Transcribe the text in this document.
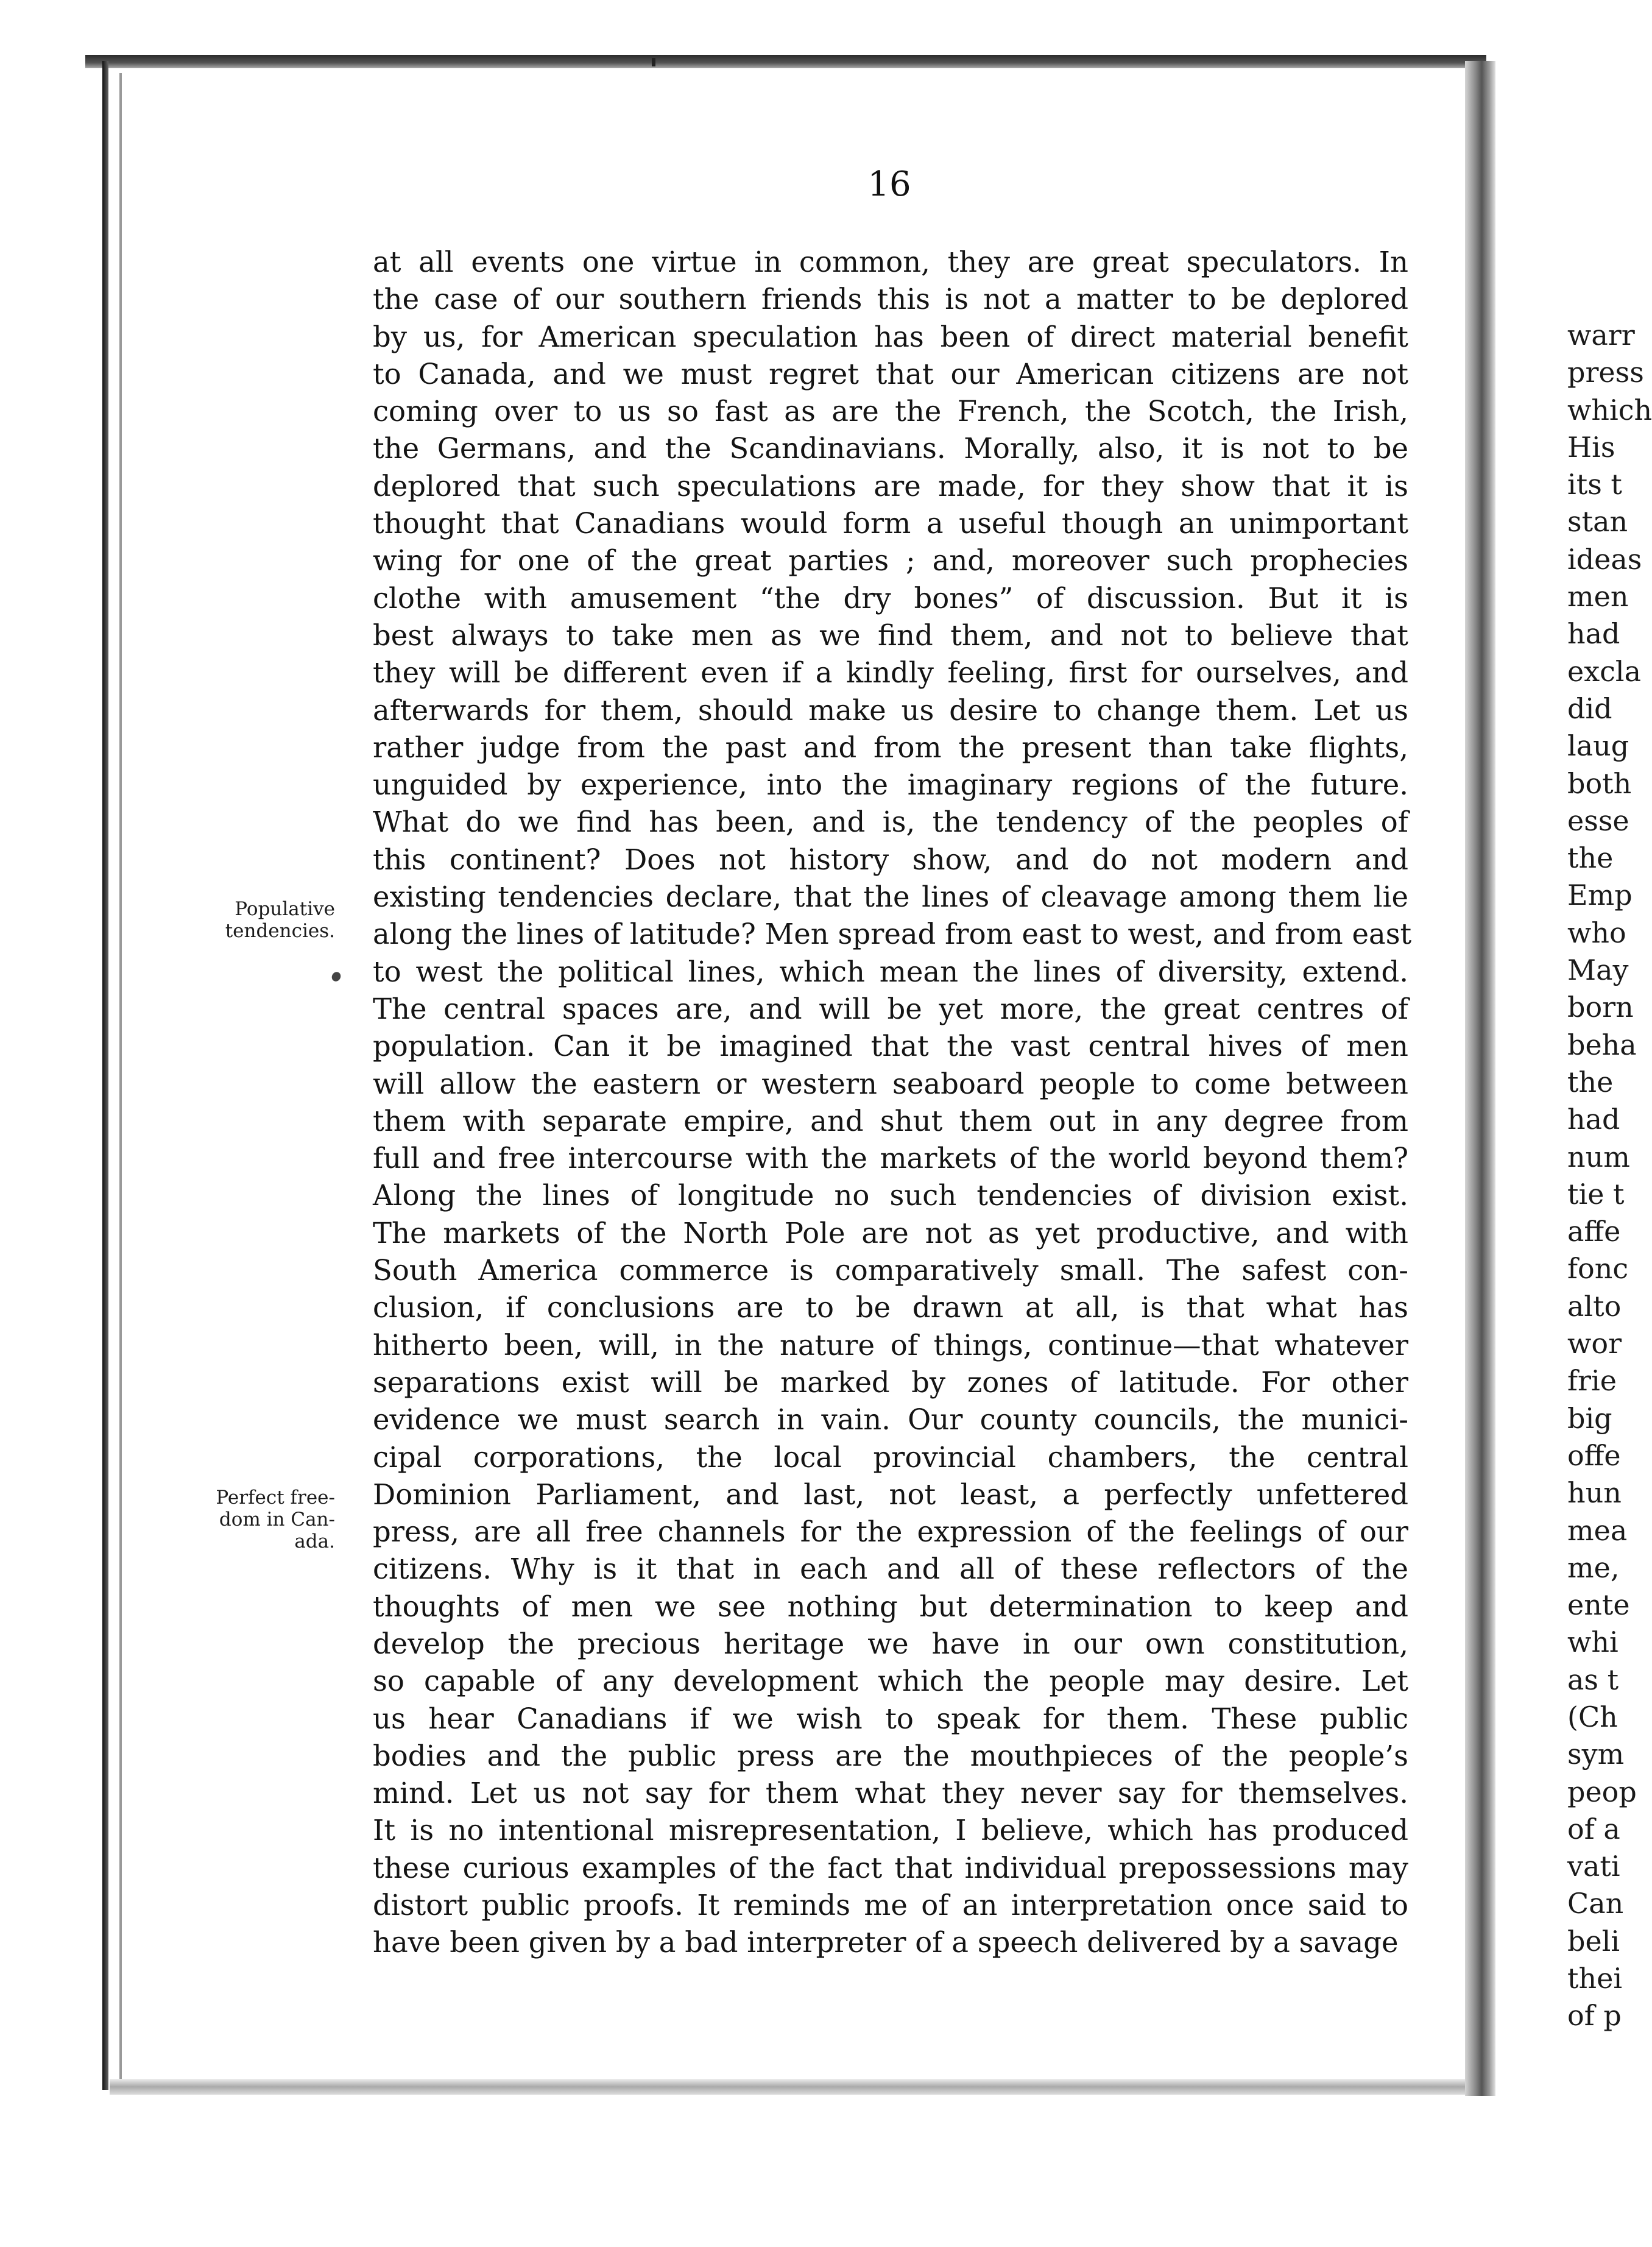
16
Populative
tendencies.
Perfect free-
dom in Can-
ada.
at all events one virtue in common, they are great speculators. In
the case of our southern friends this is not a matter to be deplored
by us, for American speculation has been of direct material benefit
to Canada, and we must regret that our American citizens are not
coming over to us so fast as are the French, the Scotch, the Irish,
the Germans, and the Scandinavians. Morally, also, it is not to be
deplored that such speculations are made, for they show that it is
thought that Canadians would form a useful though an unimportant
wing for one of the great parties ; and, moreover such prophecies
clothe with amusement “the dry bones” of discussion. But it is
best always to take men as we find them, and not to believe that
they will be different even if a kindly feeling, first for ourselves, and
afterwards for them, should make us desire to change them. Let us
rather judge from the past and from the present than take flights,
unguided by experience, into the imaginary regions of the future.
What do we find has been, and is, the tendency of the peoples of
this continent? Does not history show, and do not modern and
existing tendencies declare, that the lines of cleavage among them lie
along the lines of latitude? Men spread from east to west, and from east
to west the political lines, which mean the lines of diversity, extend.
The central spaces are, and will be yet more, the great centres of
population. Can it be imagined that the vast central hives of men
will allow the eastern or western seaboard people to come between
them with separate empire, and shut them out in any degree from
full and free intercourse with the markets of the world beyond them?
Along the lines of longitude no such tendencies of division exist.
The markets of the North Pole are not as yet productive, and with
South America commerce is comparatively small. The safest con-
clusion, if conclusions are to be drawn at all, is that what has
hitherto been, will, in the nature of things, continue—that whatever
separations exist will be marked by zones of latitude. For other
evidence we must search in vain. Our county councils, the munici-
cipal corporations, the local provincial chambers, the central
Dominion Parliament, and last, not least, a perfectly unfettered
press, are all free channels for the expression of the feelings of our
citizens. Why is it that in each and all of these reflectors of the
thoughts of men we see nothing but determination to keep and
develop the precious heritage we have in our own constitution,
so capable of any development which the people may desire. Let
us hear Canadians if we wish to speak for them. These public
bodies and the public press are the mouthpieces of the people’s
mind. Let us not say for them what they never say for themselves.
It is no intentional misrepresentation, I believe, which has produced
these curious examples of the fact that individual prepossessions may
distort public proofs. It reminds me of an interpretation once said to
have been given by a bad interpreter of a speech delivered by a savage
warr
press
which
His
its t
stan
ideas
men
had
excla
did
laug
both
esse
the
Emp
who
May
born
beha
the
had
num
tie t
affe
fonc
alto
wor
frie
big
offe
hun
mea
me,
ente
whi
as t
(Ch
sym
peop
of a
vati
Can
beli
thei
of p
